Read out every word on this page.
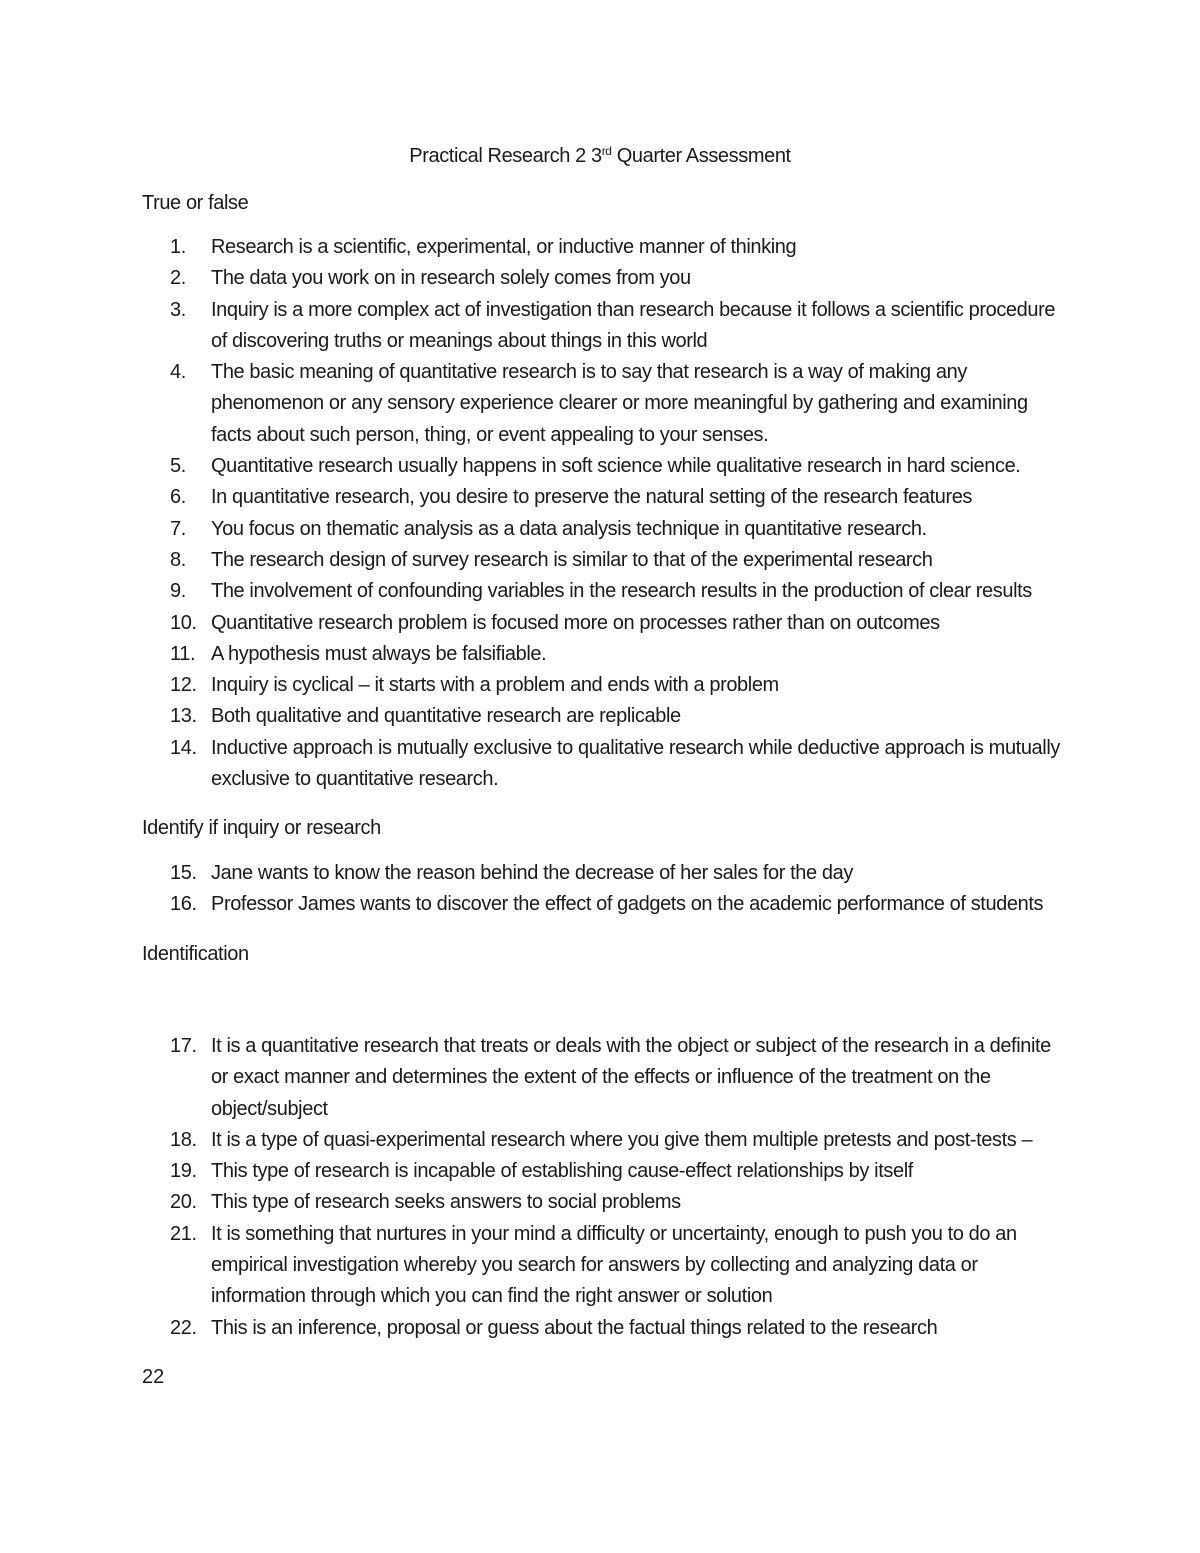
Practical Research 2 3rd Quarter Assessment
True or false
1.	Research is a scientific, experimental, or inductive manner of thinking
2.	The data you work on in research solely comes from you
3.	Inquiry is a more complex act of investigation than research because it follows a scientific procedure of discovering truths or meanings about things in this world
4.	The basic meaning of quantitative research is to say that research is a way of making any phenomenon or any sensory experience clearer or more meaningful by gathering and examining facts about such person, thing, or event appealing to your senses.
5.	Quantitative research usually happens in soft science while qualitative research in hard science.
6.	In quantitative research, you desire to preserve the natural setting of the research features
7.	You focus on thematic analysis as a data analysis technique in quantitative research.
8.	The research design of survey research is similar to that of the experimental research
9.	The involvement of confounding variables in the research results in the production of clear results
10. Quantitative research problem is focused more on processes rather than on outcomes
11. A hypothesis must always be falsifiable.
12. Inquiry is cyclical – it starts with a problem and ends with a problem
13. Both qualitative and quantitative research are replicable
14. Inductive approach is mutually exclusive to qualitative research while deductive approach is mutually exclusive to quantitative research.
Identify if inquiry or research
15. Jane wants to know the reason behind the decrease of her sales for the day
16. Professor James wants to discover the effect of gadgets on the academic performance of students
Identification
17. It is a quantitative research that treats or deals with the object or subject of the research in a definite or exact manner and determines the extent of the effects or influence of the treatment on the object/subject
18. It is a type of quasi-experimental research where you give them multiple pretests and post-tests –
19. This type of research is incapable of establishing cause-effect relationships by itself
20. This type of research seeks answers to social problems
21. It is something that nurtures in your mind a difficulty or uncertainty, enough to push you to do an empirical investigation whereby you search for answers by collecting and analyzing data or information through which you can find the right answer or solution
22. This is an inference, proposal or guess about the factual things related to the research
22
